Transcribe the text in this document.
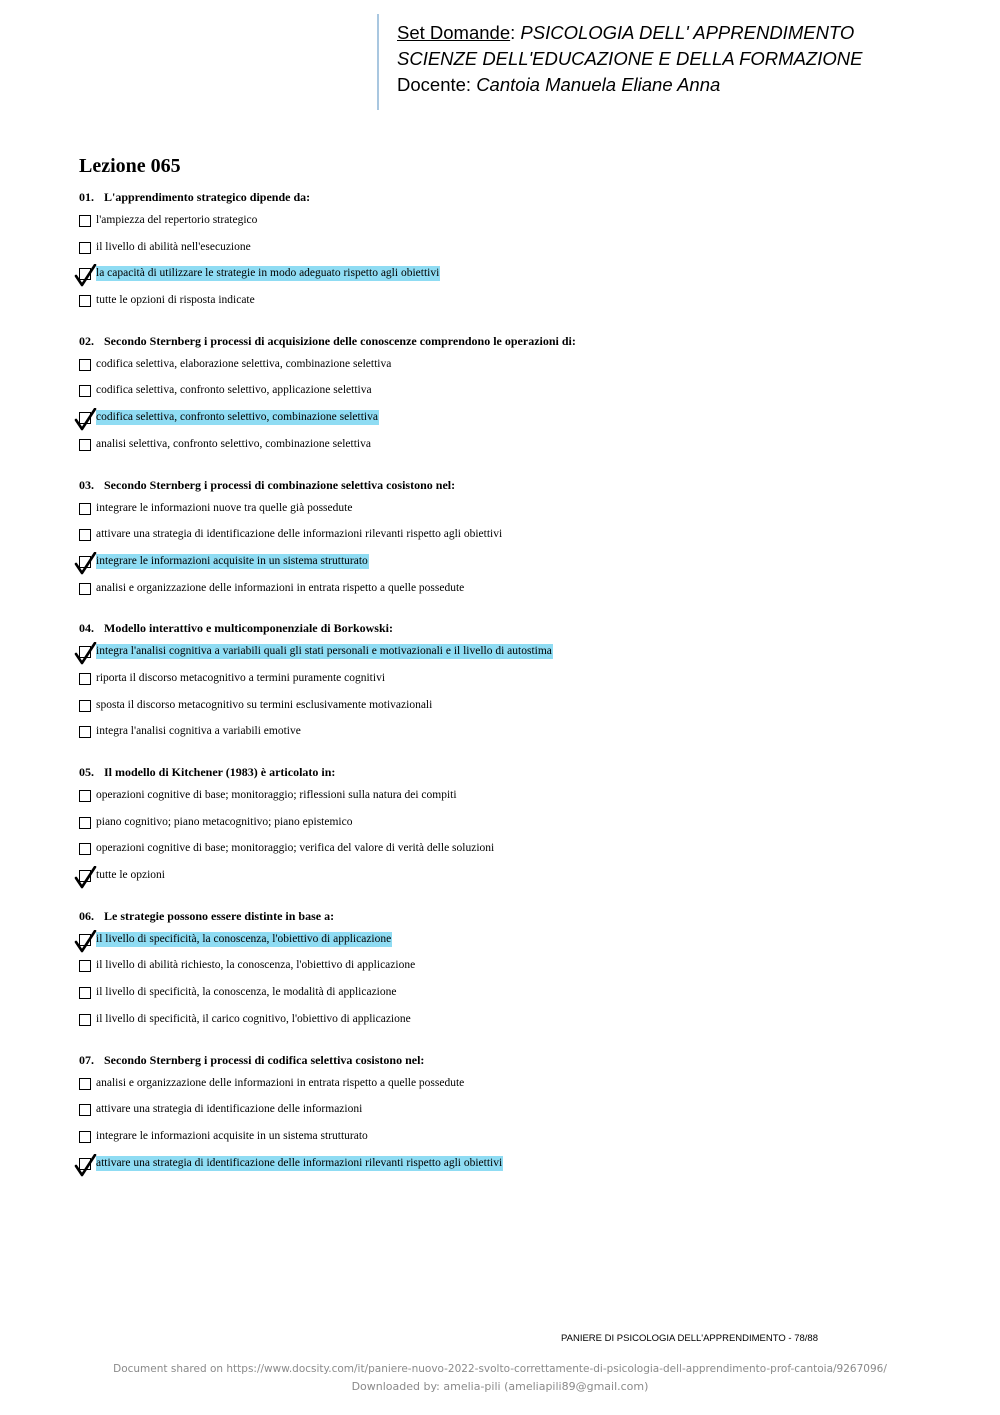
Set Domande: PSICOLOGIA DELL' APPRENDIMENTO
SCIENZE DELL'EDUCAZIONE E DELLA FORMAZIONE
Docente: Cantoia Manuela Eliane Anna
Lezione 065
01. L'apprendimento strategico dipende da:
l'ampiezza del repertorio strategico
il livello di abilità nell'esecuzione
la capacità di utilizzare le strategie in modo adeguato rispetto agli obiettivi
tutte le opzioni di risposta indicate
02. Secondo Sternberg i processi di acquisizione delle conoscenze comprendono le operazioni di:
codifica selettiva, elaborazione selettiva, combinazione selettiva
codifica selettiva, confronto selettivo, applicazione selettiva
codifica selettiva, confronto selettivo, combinazione selettiva
analisi selettiva, confronto selettivo, combinazione selettiva
03. Secondo Sternberg i processi di combinazione selettiva cosistono nel:
integrare le informazioni nuove tra quelle già possedute
attivare una strategia di identificazione delle informazioni rilevanti rispetto agli obiettivi
integrare le informazioni acquisite in un sistema strutturato
analisi e organizzazione delle informazioni in entrata rispetto a quelle possedute
04. Modello interattivo e multicomponenziale di Borkowski:
integra l'analisi cognitiva a variabili quali gli stati personali e motivazionali e il livello di autostima
riporta il discorso metacognitivo a termini puramente cognitivi
sposta il discorso metacognitivo su termini esclusivamente motivazionali
integra l'analisi cognitiva a variabili emotive
05. Il modello di Kitchener (1983) è articolato in:
operazioni cognitive di base; monitoraggio; riflessioni sulla natura dei compiti
piano cognitivo; piano metacognitivo; piano epistemico
operazioni cognitive di base; monitoraggio; verifica del valore di verità delle soluzioni
tutte le opzioni
06. Le strategie possono essere distinte in base a:
il livello di specificità, la conoscenza, l'obiettivo di applicazione
il livello di abilità richiesto, la conoscenza, l'obiettivo di applicazione
il livello di specificità, la conoscenza, le modalità di applicazione
il livello di specificità, il carico cognitivo, l'obiettivo di applicazione
07. Secondo Sternberg i processi di codifica selettiva cosistono nel:
analisi e organizzazione delle informazioni in entrata rispetto a quelle possedute
attivare una strategia di identificazione delle informazioni
integrare le informazioni acquisite in un sistema strutturato
attivare una strategia di identificazione delle informazioni rilevanti rispetto agli obiettivi
PANIERE DI PSICOLOGIA DELL'APPRENDIMENTO - 78/88
Document shared on https://www.docsity.com/it/paniere-nuovo-2022-svolto-correttamente-di-psicologia-dell-apprendimento-prof-cantoia/9267096/
Downloaded by: amelia-pili (ameliapili89@gmail.com)
